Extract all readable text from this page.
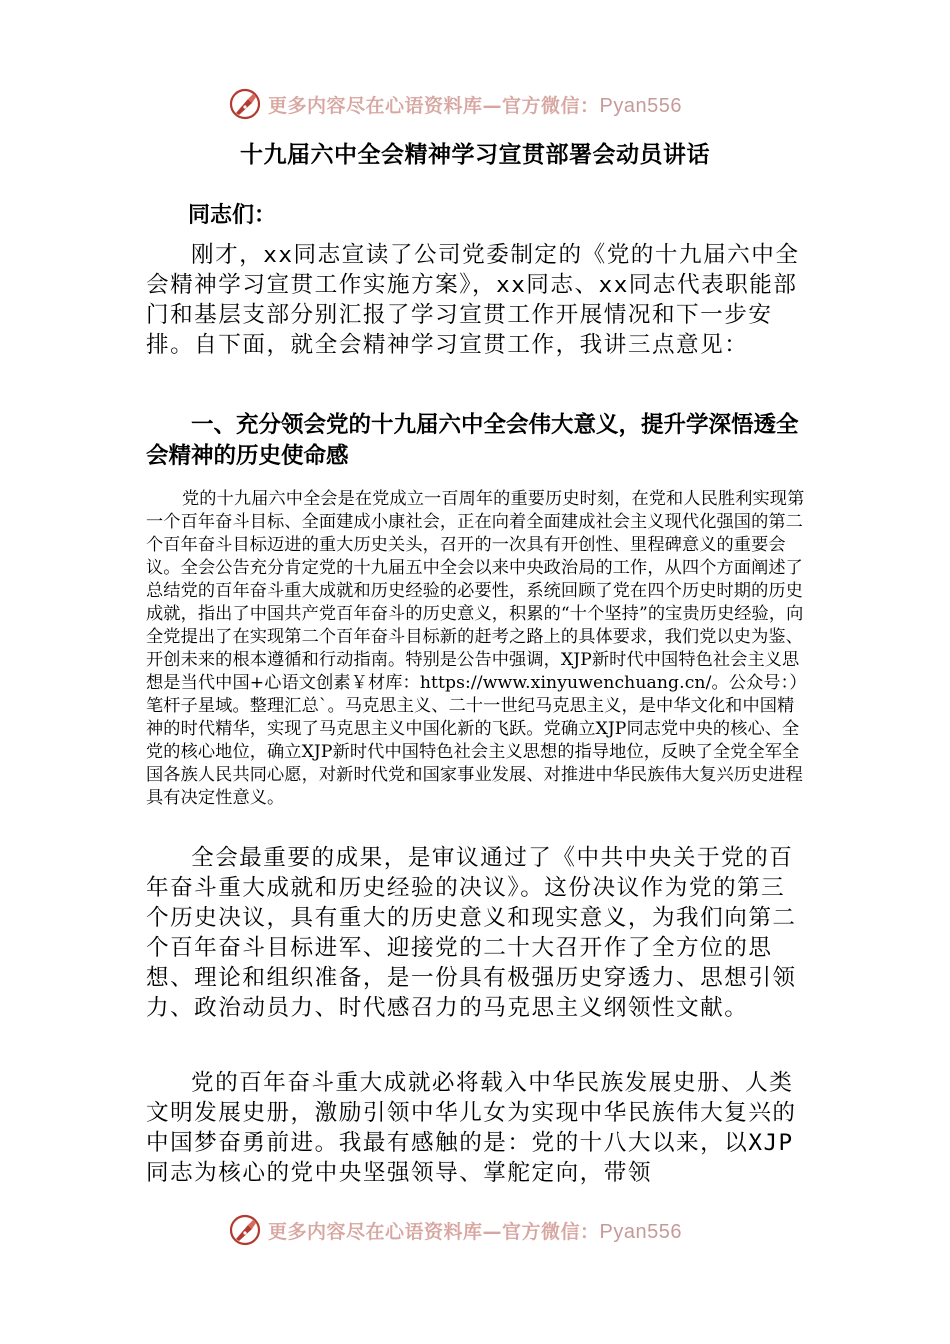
更多内容尽在心语资料库—官方微信：Pyan556
十九届六中全会精神学习宣贯部署会动员讲话
同志们：

刚才，xx同志宣读了公司党委制定的《党的十九届六中全会精神学习宣贯工作实施方案》，xx同志、xx同志代表职能部门和基层支部分别汇报了学习宣贯工作开展情况和下一步安排。自下面，就全会精神学习宣贯工作，我讲三点意见：

一、充分领会党的十九届六中全会伟大意义，提升学深悟透全会精神的历史使命感

党的十九届六中全会是在党成立一百周年的重要历史时刻，在党和人民胜利实现第一个百年奋斗目标、全面建成小康社会，正在向着全面建成社会主义现代化强国的第二个百年奋斗目标迈进的重大历史关头，召开的一次具有开创性、里程碑意义的重要会议。全会公告充分肯定党的十九届五中全会以来中央政治局的工作，从四个方面阐述了总结党的百年奋斗重大成就和历史经验的必要性，系统回顾了党在四个历史时期的历史成就，指出了中国共产党百年奋斗的历史意义，积累的“十个坚持”的宝贵历史经验，向全党提出了在实现第二个百年奋斗目标新的赶考之路上的具体要求，我们党以史为鉴、开创未来的根本遵循和行动指南。特别是公告中强调，XJP新时代中国特色社会主义思想是当代中国+心语文创素￥材库：https://www.xinyuwenchuang.cn/。公众号：）笔杆子星域。整理汇总`。马克思主义、二十一世纪马克思主义，是中华文化和中国精神的时代精华，实现了马克思主义中国化新的飞跃。党确立XJP同志党中央的核心、全党的核心地位，确立XJP新时代中国特色社会主义思想的指导地位，反映了全党全军全国各族人民共同心愿，对新时代党和国家事业发展、对推进中华民族伟大复兴历史进程具有决定性意义。

全会最重要的成果，是审议通过了《中共中央关于党的百年奋斗重大成就和历史经验的决议》。这份决议作为党的第三个历史决议，具有重大的历史意义和现实意义，为我们向第二个百年奋斗目标进军、迎接党的二十大召开作了全方位的思想、理论和组织准备，是一份具有极强历史穿透力、思想引领力、政治动员力、时代感召力的马克思主义纲领性文献。

党的百年奋斗重大成就必将载入中华民族发展史册、人类文明发展史册，激励引领中华儿女为实现中华民族伟大复兴的中国梦奋勇前进。我最有感触的是：党的十八大以来，以XJP同志为核心的党中央坚强领导、掌舵定向，带领

更多内容尽在心语资料库—官方微信：Pyan556
